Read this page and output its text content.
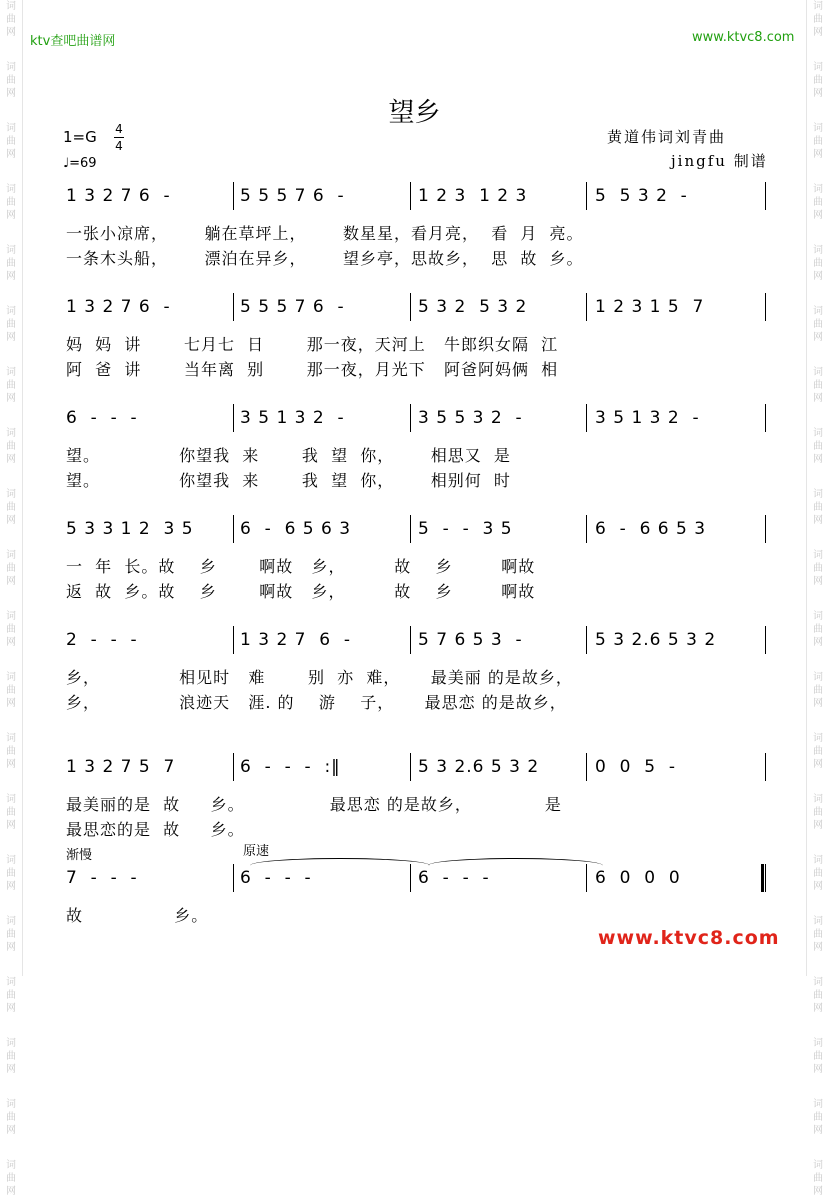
词
曲
网
词
曲
网
词
曲
网
词
曲
网
词
曲
网
词
曲
网
词
曲
网
词
曲
网
词
曲
网
词
曲
网
词
曲
网
词
曲
网
词
曲
网
词
曲
网
词
曲
网
词
曲
网
词
曲
网
词
曲
网
词
曲
网
词
曲
网
词
曲
网
词
曲
网
词
曲
网
词
曲
网
词
曲
网
词
曲
网
词
曲
网
词
曲
网
词
曲
网
词
曲
网
词
曲
网
词
曲
网
词
曲
网
词
曲
网
词
曲
网
词
曲
网
词
曲
网
词
曲
网
词
曲
网
词
曲
网
ktv查吧曲谱网	www.ktvc8.com
望乡
黄道伟词刘青曲
jingfu 制谱
1=G 4
4
♩=69
1 3 2 7 6  -	5 5 5 7 6  -	1 2 3  1 2 3	5  5 3 2  -
一张小凉席，      躺在草坪上，      数星星，看月亮，  看  月  亮。
一条木头船，      漂泊在异乡，      望乡亭，思故乡，  思  故  乡。
1 3 2 7 6  -	5 5 5 7 6  -	5 3 2  5 3 2	1 2 3 1 5  7
妈  妈  讲       七月七  日       那一夜，天河上   牛郎织女隔  江
阿  爸  讲       当年离  别       那一夜，月光下   阿爸阿妈俩  相
6  -  -  -	3 5 1 3 2  -	3 5 5 3 2  -	3 5 1 3 2  -
望。             你望我  来       我  望  你，      相思又  是
望。             你望我  来       我  望  你，      相别何  时
5 3 3 1 2  3 5	6  -  6 5 6 3	5  -  -  3 5	6  -  6 6 5 3
一  年  长。故    乡       啊故   乡，        故    乡        啊故
返  故  乡。故    乡       啊故   乡，        故    乡        啊故
2  -  -  -	1 3 2 7  6  -	5 7 6 5 3  -	5 3 2.6 5 3 2
乡，             相见时   难       别  亦  难，     最美丽 的是故乡，
乡，             浪迹天   涯. 的    游    子，     最思恋 的是故乡，
1 3 2 7 5  7	6  -  -  -  :‖	5 3 2.6 5 3 2	0  0  5  -
最美丽的是  故     乡。              最思恋 的是故乡，            是
最思恋的是  故     乡。
7  -  -  -	6  -  -  -	6  -  -  -	6  0  0  0
故               乡。
渐慢	原速
www.ktvc8.com
